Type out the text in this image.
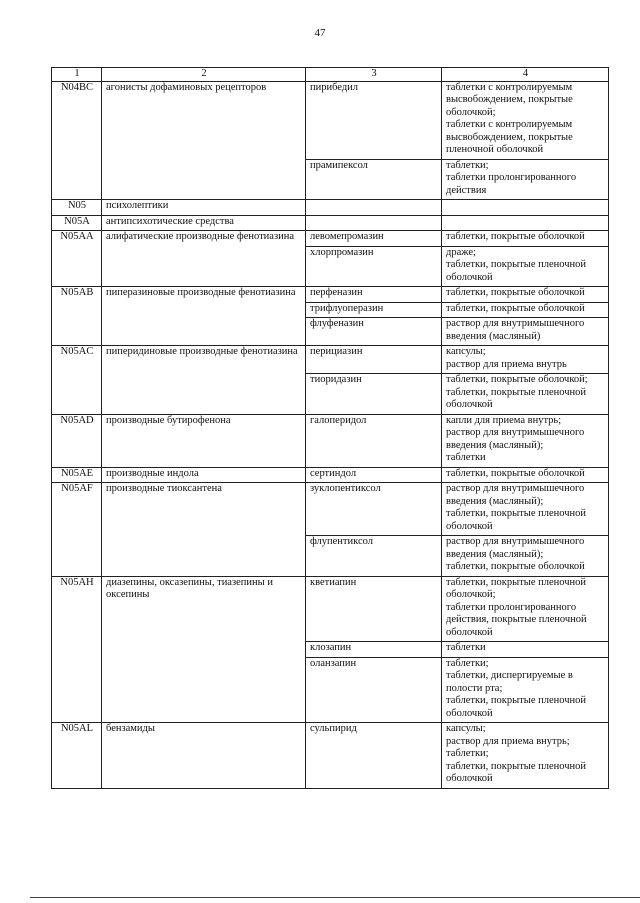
47
1	2	3	4
N04BC	агонисты дофаминовых рецепторов	пирибедил	таблетки с контролируемым высвобождением, покрытые оболочкой;
таблетки с контролируемым высвобождением, покрытые пленочной оболочкой
		прамипексол	таблетки;
таблетки пролонгированного действия
N05	психолептики		
N05A	антипсихотические средства		
N05AA	алифатические производные фенотиазина	левомепромазин	таблетки, покрытые оболочкой
		хлорпромазин	драже;
таблетки, покрытые пленочной оболочкой
N05AB	пиперазиновые производные фенотиазина	перфеназин	таблетки, покрытые оболочкой
		трифлуоперазин	таблетки, покрытые оболочкой
		флуфеназин	раствор для внутримышечного введения (масляный)
N05AC	пиперидиновые производные фенотиазина	перициазин	капсулы;
раствор для приема внутрь
		тиоридазин	таблетки, покрытые оболочкой;
таблетки, покрытые пленочной оболочкой
N05AD	производные бутирофенона	галоперидол	капли для приема внутрь;
раствор для внутримышечного введения (масляный);
таблетки
N05AE	производные индола	сертиндол	таблетки, покрытые оболочкой
N05AF	производные тиоксантена	зуклопентиксол	раствор для внутримышечного введения (масляный);
таблетки, покрытые пленочной оболочкой
		флупентиксол	раствор для внутримышечного введения (масляный);
таблетки, покрытые оболочкой
N05AH	диазепины, оксазепины, тиазепины и оксепины	кветиапин	таблетки, покрытые пленочной оболочкой;
таблетки пролонгированного действия, покрытые пленочной оболочкой
		клозапин	таблетки
		оланзапин	таблетки;
таблетки, диспергируемые в полости рта;
таблетки, покрытые пленочной оболочкой
N05AL	бензамиды	сульпирид	капсулы;
раствор для приема внутрь;
таблетки;
таблетки, покрытые пленочной оболочкой
